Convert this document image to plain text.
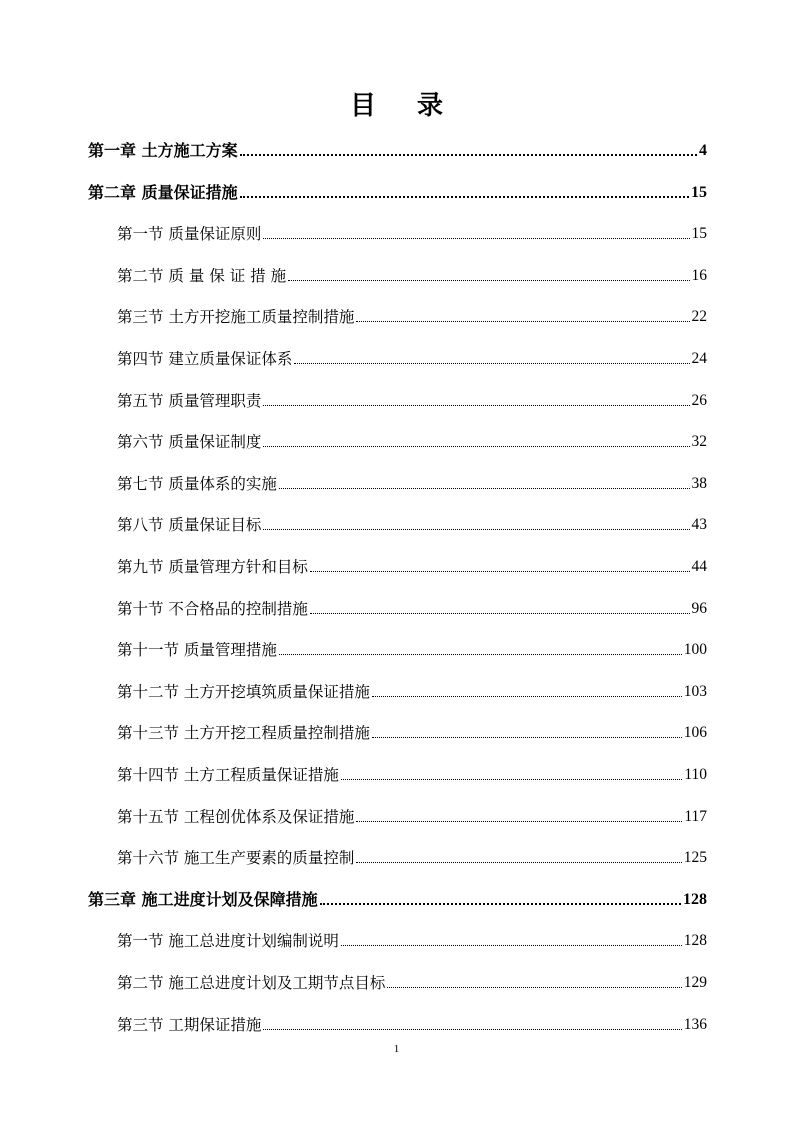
目 录
第一章 土方施工方案	4
第二章 质量保证措施	15
第一节 质量保证原则	15
第二节 质 量 保 证 措 施	16
第三节 土方开挖施工质量控制措施	22
第四节 建立质量保证体系	24
第五节 质量管理职责	26
第六节 质量保证制度	32
第七节 质量体系的实施	38
第八节 质量保证目标	43
第九节 质量管理方针和目标	44
第十节 不合格品的控制措施	96
第十一节 质量管理措施	100
第十二节 土方开挖填筑质量保证措施	103
第十三节 土方开挖工程质量控制措施	106
第十四节 土方工程质量保证措施	110
第十五节 工程创优体系及保证措施	117
第十六节 施工生产要素的质量控制	125
第三章 施工进度计划及保障措施	128
第一节 施工总进度计划编制说明	128
第二节 施工总进度计划及工期节点目标	129
第三节 工期保证措施	136
1
